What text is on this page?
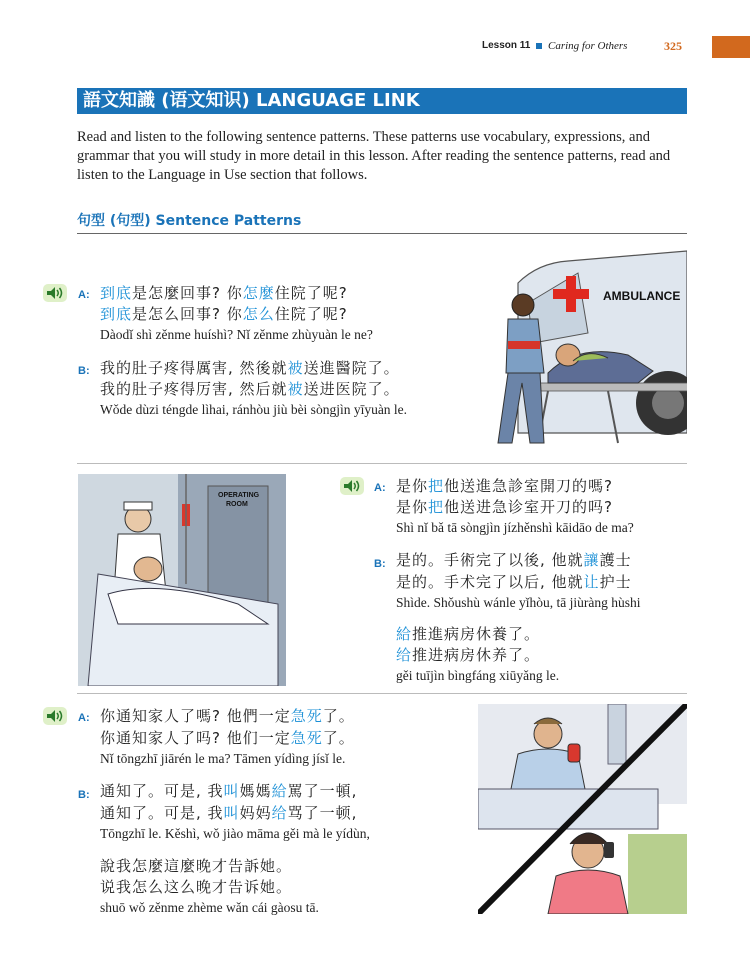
Lesson 11 Caring for Others	325
語文知識 (语文知识) LANGUAGE LINK

Read and listen to the following sentence patterns. These patterns use vocabulary, expressions, and grammar that you will study in more detail in this lesson. After reading the sentence patterns, read and listen to the Language in Use section that follows.

句型 (句型) Sentence Patterns
A: 到底是怎麼回事? 你怎麼住院了呢?

到底是怎么回事? 你怎么住院了呢?

Dàodǐ shì zěnme huíshì? Nǐ zěnme zhùyuàn le ne?

B: 我的肚子疼得厲害, 然後就被送進醫院了。

我的肚子疼得厉害, 然后就被送进医院了。

Wǒde dùzi téngde lìhai, ránhòu jiù bèi sòngjìn yīyuàn le.

AMBULANCE
OPERATING
ROOM
A: 是你把他送進急診室開刀的嗎?

是你把他送进急诊室开刀的吗?

Shì nǐ bǎ tā sòngjìn jízhěnshì kāidāo de ma?

B: 是的。手術完了以後, 他就讓護士

是的。手术完了以后, 他就让护士

Shìde. Shǒushù wánle yǐhòu, tā jiùràng hùshi

給推進病房休養了。

给推进病房休养了。

gěi tuījìn bìngfáng xiūyǎng le.

A: 你通知家人了嗎? 他們一定急死了。

你通知家人了吗? 他们一定急死了。

Nǐ tōngzhī jiārén le ma? Tāmen yídìng jísǐ le.

B: 通知了。可是, 我叫媽媽給罵了一頓,

通知了。可是, 我叫妈妈给骂了一顿,

Tōngzhī le. Kěshì, wǒ jiào māma gěi mà le yídùn,

說我怎麼這麼晚才告訴她。

说我怎么这么晚才告诉她。

shuō wǒ zěnme zhème wǎn cái gàosu tā.
